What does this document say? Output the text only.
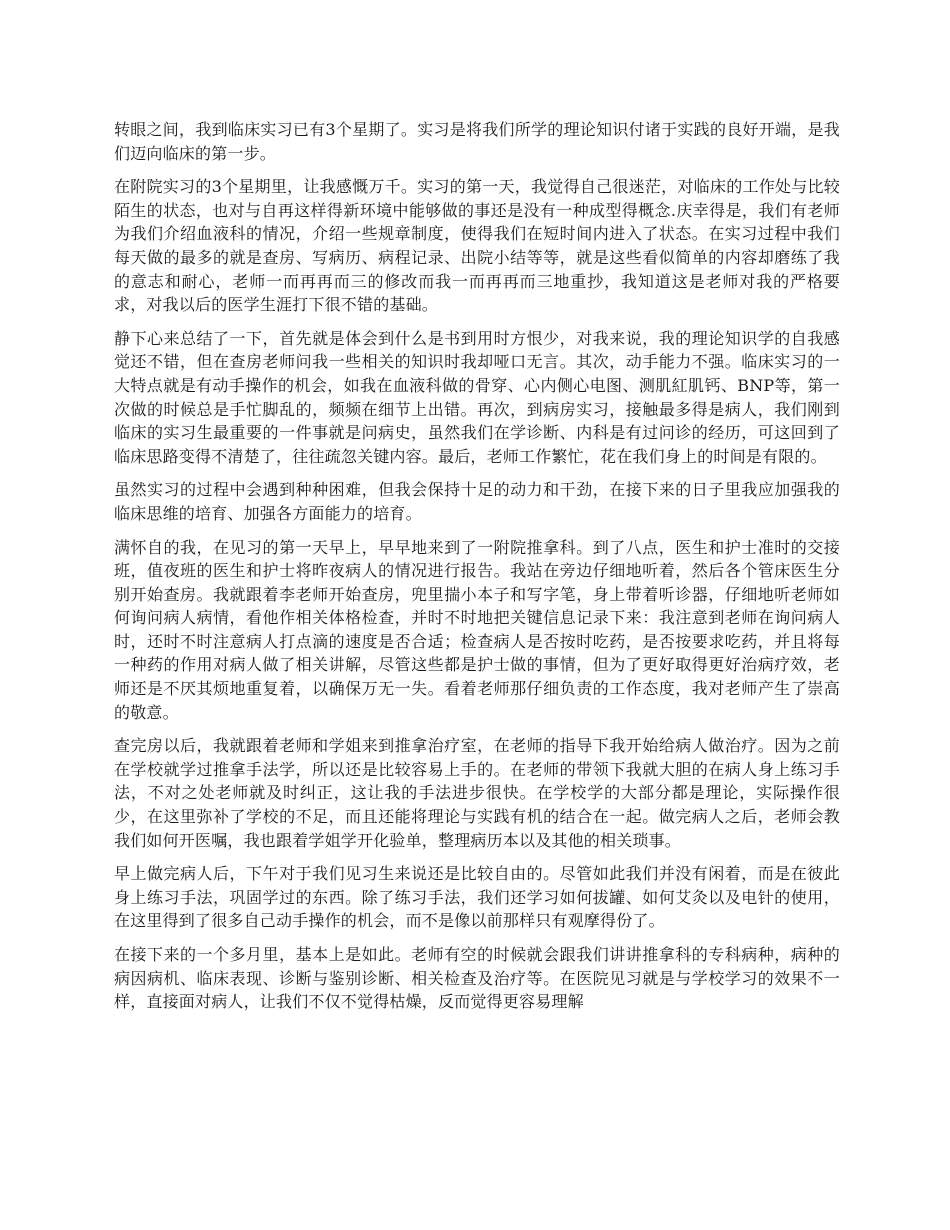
转眼之间，我到临床实习已有3个星期了。实习是将我们所学的理论知识付诸于实践的良好开端，是我们迈向临床的第一步。

在附院实习的3个星期里，让我感慨万千。实习的第一天，我觉得自己很迷茫，对临床的工作处与比较陌生的状态，也对与自再这样得新环境中能够做的事还是没有一种成型得概念.庆幸得是，我们有老师为我们介绍血液科的情况，介绍一些规章制度，使得我们在短时间内进入了状态。在实习过程中我们每天做的最多的就是查房、写病历、病程记录、出院小结等等，就是这些看似简单的内容却磨练了我的意志和耐心，老师一而再再而三的修改而我一而再再而三地重抄，我知道这是老师对我的严格要求，对我以后的医学生涯打下很不错的基础。

静下心来总结了一下，首先就是体会到什么是书到用时方恨少，对我来说，我的理论知识学的自我感觉还不错，但在查房老师问我一些相关的知识时我却哑口无言。其次，动手能力不强。临床实习的一大特点就是有动手操作的机会，如我在血液科做的骨穿、心内侧心电图、测肌紅肌钙、BNP等，第一次做的时候总是手忙脚乱的，频频在细节上出错。再次，到病房实习，接触最多得是病人，我们刚到临床的实习生最重要的一件事就是问病史，虽然我们在学诊断、内科是有过问诊的经历，可这回到了临床思路变得不清楚了，往往疏忽关键内容。最后，老师工作繁忙，花在我们身上的时间是有限的。

虽然实习的过程中会遇到种种困难，但我会保持十足的动力和干劲，在接下来的日子里我应加强我的临床思维的培育、加强各方面能力的培育。

满怀自的我，在见习的第一天早上，早早地来到了一附院推拿科。到了八点，医生和护士准时的交接班，值夜班的医生和护士将昨夜病人的情况进行报告。我站在旁边仔细地听着，然后各个管床医生分别开始查房。我就跟着李老师开始查房，兜里揣小本子和写字笔，身上带着听诊器，仔细地听老师如何询问病人病情，看他作相关体格检查，并时不时地把关键信息记录下来：我注意到老师在询问病人时，还时不时注意病人打点滴的速度是否合适；检查病人是否按时吃药，是否按要求吃药，并且将每一种药的作用对病人做了相关讲解，尽管这些都是护士做的事情，但为了更好取得更好治病疗效，老师还是不厌其烦地重复着，以确保万无一失。看着老师那仔细负责的工作态度，我对老师产生了崇高的敬意。

查完房以后，我就跟着老师和学姐来到推拿治疗室，在老师的指导下我开始给病人做治疗。因为之前在学校就学过推拿手法学，所以还是比较容易上手的。在老师的带领下我就大胆的在病人身上练习手法，不对之处老师就及时纠正，这让我的手法进步很快。在学校学的大部分都是理论，实际操作很少，在这里弥补了学校的不足，而且还能将理论与实践有机的结合在一起。做完病人之后，老师会教我们如何开医嘱，我也跟着学姐学开化验单，整理病历本以及其他的相关琐事。

早上做完病人后，下午对于我们见习生来说还是比较自由的。尽管如此我们并没有闲着，而是在彼此身上练习手法，巩固学过的东西。除了练习手法，我们还学习如何拔罐、如何艾灸以及电针的使用，在这里得到了很多自己动手操作的机会，而不是像以前那样只有观摩得份了。

在接下来的一个多月里，基本上是如此。老师有空的时候就会跟我们讲讲推拿科的专科病种，病种的病因病机、临床表现、诊断与鉴别诊断、相关检查及治疗等。在医院见习就是与学校学习的效果不一样，直接面对病人，让我们不仅不觉得枯燥，反而觉得更容易理解
